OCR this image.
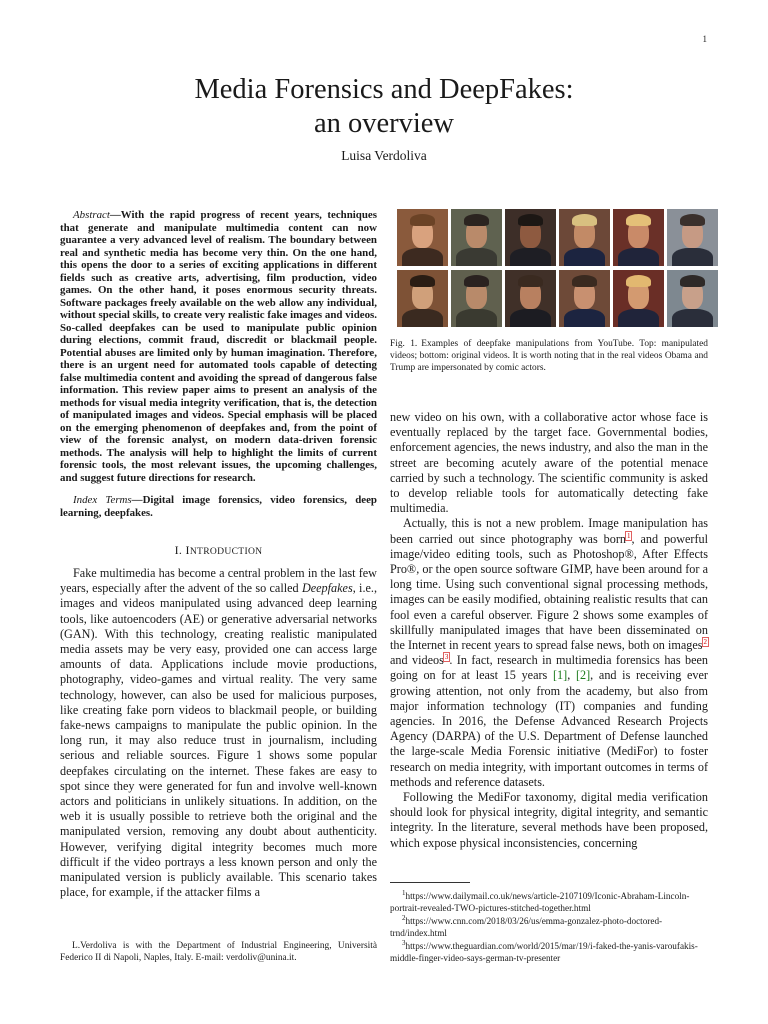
1
Media Forensics and DeepFakes:
an overview
Luisa Verdoliva

Abstract—With the rapid progress of recent years, techniques that generate and manipulate multimedia content can now guarantee a very advanced level of realism. The boundary between real and synthetic media has become very thin. On the one hand, this opens the door to a series of exciting applications in different fields such as creative arts, advertising, film production, video games. On the other hand, it poses enormous security threats. Software packages freely available on the web allow any individual, without special skills, to create very realistic fake images and videos. So-called deepfakes can be used to manipulate public opinion during elections, commit fraud, discredit or blackmail people. Potential abuses are limited only by human imagination. Therefore, there is an urgent need for automated tools capable of detecting false multimedia content and avoiding the spread of dangerous false information. This review paper aims to present an analysis of the methods for visual media integrity verification, that is, the detection of manipulated images and videos. Special emphasis will be placed on the emerging phenomenon of deepfakes and, from the point of view of the forensic analyst, on modern data-driven forensic methods. The analysis will help to highlight the limits of current forensic tools, the most relevant issues, the upcoming challenges, and suggest future directions for research.

Index Terms—Digital image forensics, video forensics, deep learning, deepfakes.

I. INTRODUCTION

Fake multimedia has become a central problem in the last few years, especially after the advent of the so called Deepfakes, i.e., images and videos manipulated using advanced deep learning tools, like autoencoders (AE) or generative adversarial networks (GAN). With this technology, creating realistic manipulated media assets may be very easy, provided one can access large amounts of data. Applications include movie productions, photography, video-games and virtual reality. The very same technology, however, can also be used for malicious purposes, like creating fake porn videos to blackmail people, or building fake-news campaigns to manipulate the public opinion. In the long run, it may also reduce trust in journalism, including serious and reliable sources. Figure 1 shows some popular deepfakes circulating on the internet. These fakes are easy to spot since they were generated for fun and involve well-known actors and politicians in unlikely situations. In addition, on the web it is usually possible to retrieve both the original and the manipulated version, removing any doubt about authenticity. However, verifying digital integrity becomes much more difficult if the video portrays a less known person and only the manipulated version is publicly available. This scenario takes place, for example, if the attacker films a

L.Verdoliva is with the Department of Industrial Engineering, Università Federico II di Napoli, Naples, Italy. E-mail: verdoliv@unina.it.

Fig. 1. Examples of deepfake manipulations from YouTube. Top: manipulated videos; bottom: original videos. It is worth noting that in the real videos Obama and Trump are impersonated by comic actors.

new video on his own, with a collaborative actor whose face is eventually replaced by the target face. Governmental bodies, enforcement agencies, the news industry, and also the man in the street are becoming acutely aware of the potential menace carried by such a technology. The scientific community is asked to develop reliable tools for automatically detecting fake multimedia.

Actually, this is not a new problem. Image manipulation has been carried out since photography was born$^1$, and powerful image/video editing tools, such as Photoshop®, After Effects Pro®, or the open source software GIMP, have been around for a long time. Using such conventional signal processing methods, images can be easily modified, obtaining realistic results that can fool even a careful observer. Figure 2 shows some examples of skillfully manipulated images that have been disseminated on the Internet in recent years to spread false news, both on images$^2$ and videos$^3$. In fact, research in multimedia forensics has been going on for at least 15 years [1], [2], and is receiving ever growing attention, not only from the academy, but also from major information technology (IT) companies and funding agencies. In 2016, the Defense Advanced Research Projects Agency (DARPA) of the U.S. Department of Defense launched the large-scale Media Forensic initiative (MediFor) to foster research on media integrity, with important outcomes in terms of methods and reference datasets.

Following the MediFor taxonomy, digital media verification should look for physical integrity, digital integrity, and semantic integrity. In the literature, several methods have been proposed, which expose physical inconsistencies, concerning

$^1$https://www.dailymail.co.uk/news/article-2107109/Iconic-Abraham-Lincoln-portrait-revealed-TWO-pictures-stitched-together.html

$^2$https://www.cnn.com/2018/03/26/us/emma-gonzalez-photo-doctored-trnd/index.html

$^3$https://www.theguardian.com/world/2015/mar/19/i-faked-the-yanis-varoufakis-middle-finger-video-says-german-tv-presenter
